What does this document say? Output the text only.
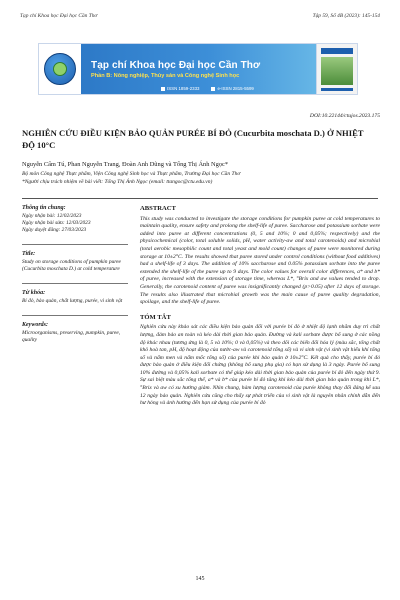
Tạp chí Khoa học Đại học Cần Thơ	Tập 59, Số 4B (2023): 145-154
Tạp chí Khoa học Đại học Cần Thơ
Phần B: Nông nghiệp, Thủy sản và Công nghệ Sinh học
ISSN 1859-2333	e-ISSN 2815-5599
DOI:10.22144/ctujos.2023.175
NGHIÊN CỨU ĐIỀU KIỆN BẢO QUẢN PURÉE BÍ ĐỎ (Cucurbita moschata D.) Ở NHIỆT ĐỘ 10°C
Nguyễn Cẩm Tú, Phan Nguyễn Trang, Đoàn Anh Dũng và Tống Thị Ánh Ngọc*
Bộ môn Công nghệ Thực phẩm, Viện Công nghệ Sinh học và Thực phẩm, Trường Đại học Cần Thơ
*Người chịu trách nhiệm về bài viết: Tống Thị Ánh Ngọc (email: ttangoc@ctu.edu.vn)
Thông tin chung:
Ngày nhận bài: 12/02/2023
Ngày nhận bài sửa: 12/03/2023
Ngày duyệt đăng: 27/03/2023
Title:
Study on storage conditions of pumpkin puree (Cucurbita moschata D.) at cold temperature
Từ khóa:
Bí đỏ, bảo quản, chất lượng, purée, vi sinh vật
Keywords:
Microorganisms, preserving, pumpkin, puree, quality
ABSTRACT

This study was conducted to investigate the storage conditions for pumpkin puree at cold temperatures to maintain quality, ensure safety and prolong the shelf-life of puree. Saccharose and potassium sorbate were added into puree at different concentrations (0, 5 and 10%; 0 and 0,05%; respectively) and the physicochemical (color, total soluble solids, pH, water activity-aw and total carotenoids) and microbial (total aerobic mesophilic count and total yeast and mold count) changes of puree were monitored during storage at 10±2°C. The results showed that puree stored under control conditions (without food additives) had a shelf-life of 3 days. The addition of 10% saccharose and 0.05% potassium sorbate into the puree extended the shelf-life of the puree up to 9 days. The color values for overall color differences, a* and b* of puree, increased with the extension of storage time, whereas L*, °Brix and aw values tended to drop. Generally, the carotenoid content of puree was insignificantly changed (p>0.05) after 12 days of storage. The results also illustrated that microbial growth was the main cause of puree quality degradation, spoilage, and the shelf-life of puree.

TÓM TẮT

Nghiên cứu này khảo sát các điều kiện bảo quản đối với purée bí đỏ ở nhiệt độ lạnh nhằm duy trì chất lượng, đảm bảo an toàn và kéo dài thời gian bảo quản. Đường và kali sorbate được bổ sung ở các nồng độ khác nhau (tương ứng là 0, 5 và 10%; 0 và 0,05%) và theo dõi các biến đổi hóa lý (màu sắc, tổng chất khô hoà tan, pH, độ hoạt động của nước-aw và carotenoid tổng số) và vi sinh vật (vi sinh vật hiếu khí tổng số và nấm men và nấm mốc tổng số) của purée khi bảo quản ở 10±2°C. Kết quả cho thấy, purée bí đỏ được bảo quản ở điều kiện đối chứng (không bổ sung phụ gia) có hạn sử dụng là 3 ngày. Purée bổ sung 10% đường và 0,05% kali sorbate có thể giúp kéo dài thời gian bảo quản của purée bí đỏ đến ngày thứ 9. Sự sai biệt màu sắc tổng thể, a* và b* của purée bí đỏ tăng khi kéo dài thời gian bảo quản trong khi L*, °Brix và aw có xu hướng giảm. Nhìn chung, hàm lượng carotenoid của purée không thay đổi đáng kể sau 12 ngày bảo quản. Nghiên cứu cũng cho thấy sự phát triển của vi sinh vật là nguyên nhân chính dẫn đến hư hỏng và ảnh hưởng đến hạn sử dụng của purée bí đỏ

145
